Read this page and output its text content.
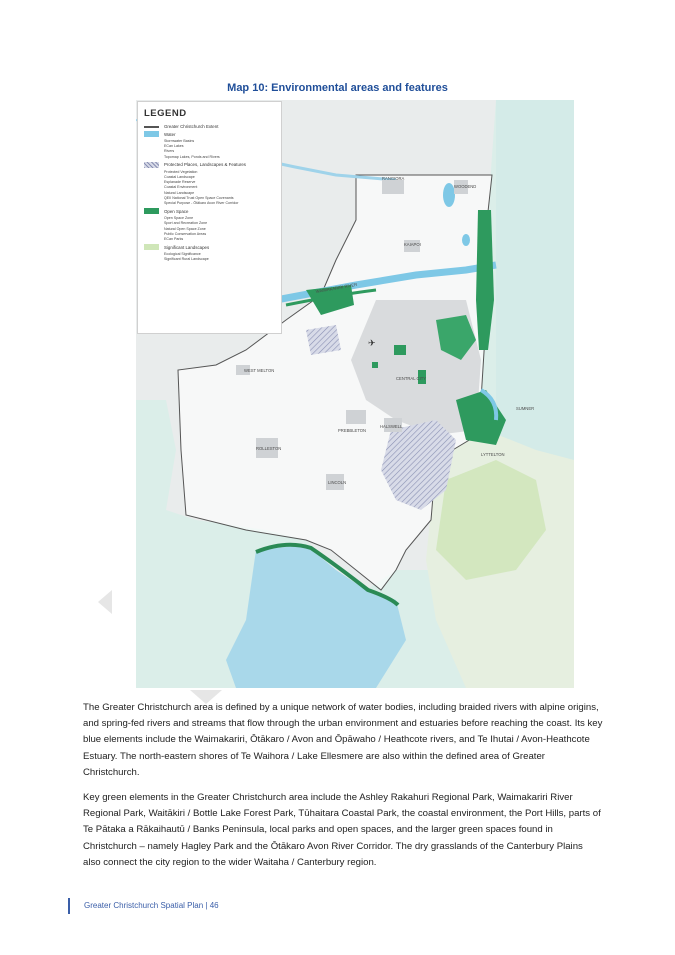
Map 10: Environmental areas and features
RANGIORA
WOODEND
KAIAPOI
WAIMAKARIRI RIVER
WEST MELTON
CENTRAL CITY
ROLLESTON
PREBBLETON
HALSWELL
LINCOLN
SUMNER
LYTTELTON
✈
LEGEND
Greater Christchurch Extent
Water
Stormwater Basins
ECan Lakes
Rivers
Topomap Lakes, Ponds and Rivers
Protected Places, Landscapes & Features
Protected Vegetation
Coastal Landscape
Esplanade Reserve
Coastal Environment
Natural Landscape
QEII National Trust Open Space Covenants
Special Purpose - Ōtākaro Avon River Corridor
Open Space
Open Space Zone
Sport and Recreation Zone
Natural Open Space Zone
Public Conservation Areas
ECan Parks
Significant Landscapes
Ecological Significance
Significant Rural Landscape
The Greater Christchurch area is defined by a unique network of water bodies, including braided rivers with alpine origins, and spring-fed rivers and streams that flow through the urban environment and estuaries before reaching the coast. Its key blue elements include the Waimakariri, Ōtākaro / Avon and Ōpāwaho / Heathcote rivers, and Te Ihutai / Avon-Heathcote Estuary. The north-eastern shores of Te Waihora / Lake Ellesmere are also within the defined area of Greater Christchurch.
Key green elements in the Greater Christchurch area include the Ashley Rakahuri Regional Park, Waimakariri River Regional Park, Waitākiri / Bottle Lake Forest Park, Tūhaitara Coastal Park, the coastal environment, the Port Hills, parts of Te Pātaka a Rākaihautū / Banks Peninsula, local parks and open spaces, and the larger green spaces found in Christchurch – namely Hagley Park and the Ōtākaro Avon River Corridor. The dry grasslands of the Canterbury Plains also connect the city region to the wider Waitaha / Canterbury region.
Greater Christchurch Spatial Plan | 46
